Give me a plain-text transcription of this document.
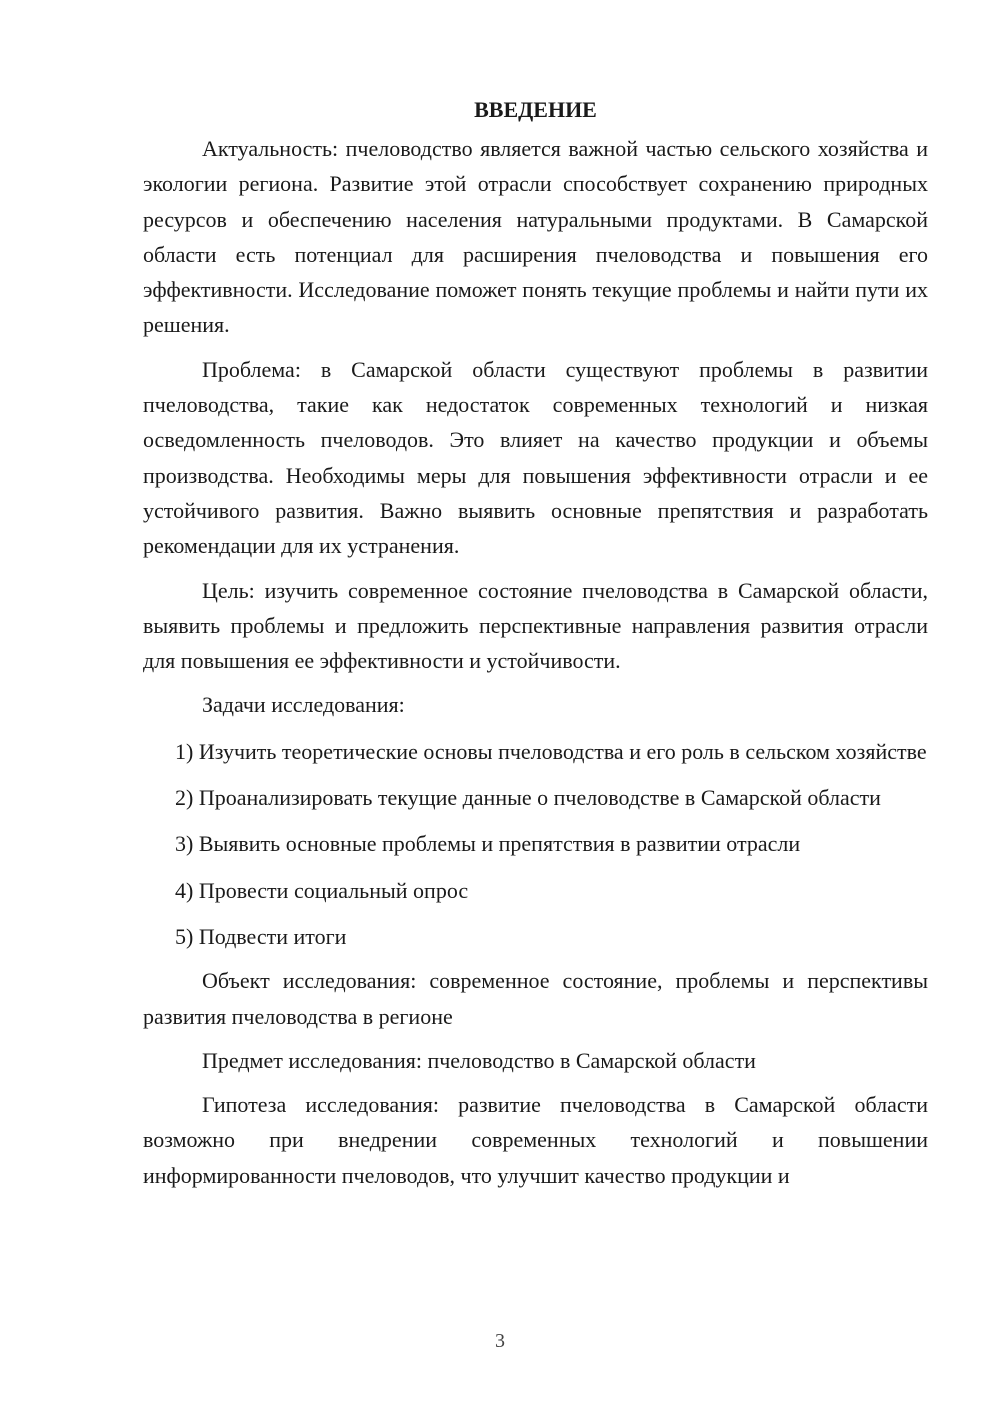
ВВЕДЕНИЕ

Актуальность: пчеловодство является важной частью сельского хозяйства и экологии региона. Развитие этой отрасли способствует сохранению природных ресурсов и обеспечению населения натуральными продуктами. В Самарской области есть потенциал для расширения пчеловодства и повышения его эффективности. Исследование поможет понять текущие проблемы и найти пути их решения.

Проблема: в Самарской области существуют проблемы в развитии пчеловодства, такие как недостаток современных технологий и низкая осведомленность пчеловодов. Это влияет на качество продукции и объемы производства. Необходимы меры для повышения эффективности отрасли и ее устойчивого развития. Важно выявить основные препятствия и разработать рекомендации для их устранения.

Цель: изучить современное состояние пчеловодства в Самарской области, выявить проблемы и предложить перспективные направления развития отрасли для повышения ее эффективности и устойчивости.

Задачи исследования:

1) Изучить теоретические основы пчеловодства и его роль в сельском хозяйстве

2) Проанализировать текущие данные о пчеловодстве в Самарской области

3) Выявить основные проблемы и препятствия в развитии отрасли

4) Провести социальный опрос

5) Подвести итоги

Объект исследования: современное состояние, проблемы и перспективы развития пчеловодства в регионе

Предмет исследования: пчеловодство в Самарской области

Гипотеза исследования: развитие пчеловодства в Самарской области возможно при внедрении современных технологий и повышении информированности пчеловодов, что улучшит качество продукции и

3
